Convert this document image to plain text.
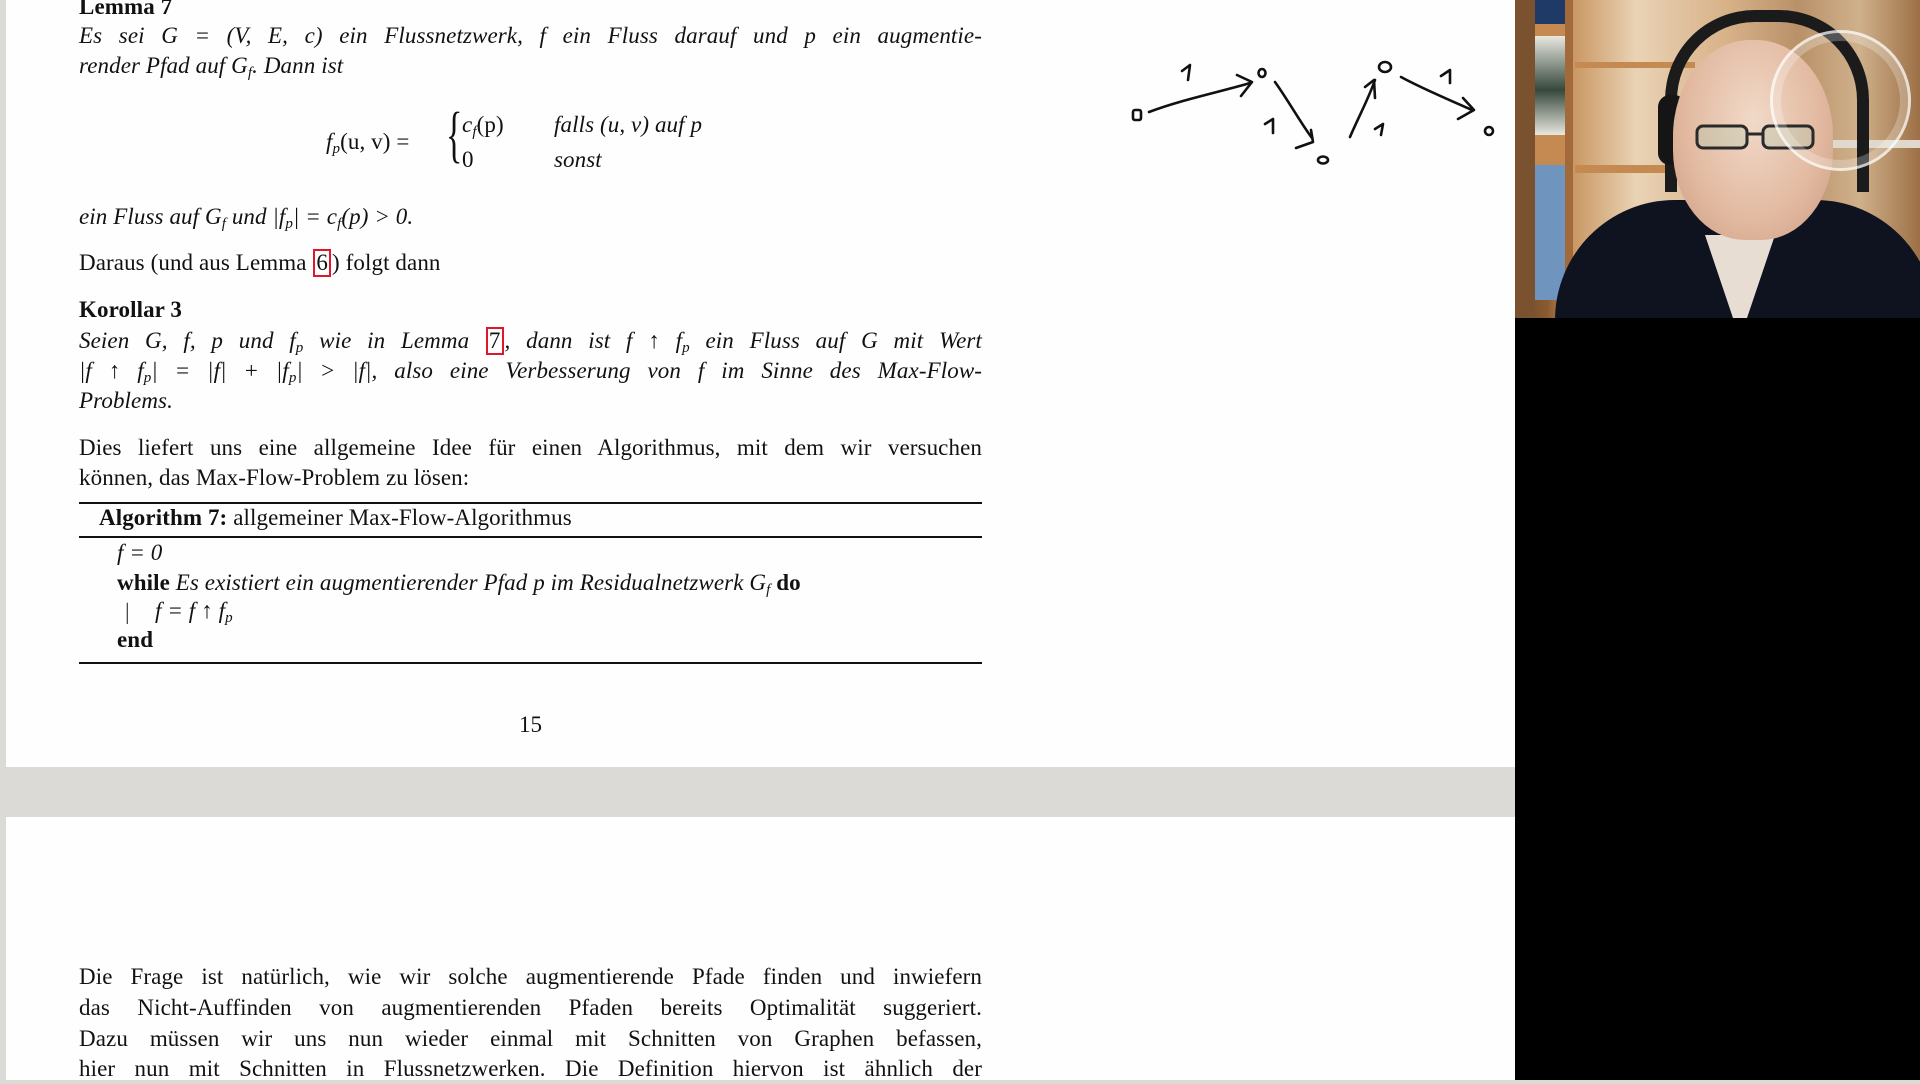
Lemma 7
Es sei G = (V, E, c) ein Flussnetzwerk, f ein Fluss darauf und p ein augmentie-
render Pfad auf $G_f$. Dann ist
$f_p(u$, v) = { $c_f(p)$ falls (u, v) auf p
0	sonst
ein Fluss auf $G_f$ und $|f_p| = c_f(p) > 0$.
Daraus (und aus Lemma 6 ) folgt dann
Korollar 3
Seien G, f, p und $f_p$ wie in Lemma 7 , dann ist f ↑ $f_p$ ein Fluss auf G mit Wert
|f ↑ $f_p| = |f| + |f_p| > |f|$, also eine Verbesserung von f im Sinne des Max-Flow-
Problems.
Dies liefert uns eine allgemeine Idee für einen Algorithmus, mit dem wir versuchen
können, das Max-Flow-Problem zu lösen:
Algorithm 7: allgemeiner Max-Flow-Algorithmus
f = 0
while Es existiert ein augmentierender Pfad p im Residualnetzwerk $G_f$ do
| f = f ↑ $f_p$
end
15
Die Frage ist natürlich, wie wir solche augmentierende Pfade finden und inwiefern
das Nicht-Auffinden von augmentierenden Pfaden bereits Optimalität suggeriert.
Dazu müssen wir uns nun wieder einmal mit Schnitten von Graphen befassen,
hier nun mit Schnitten in Flussnetzwerken. Die Definition hiervon ist ähnlich der
